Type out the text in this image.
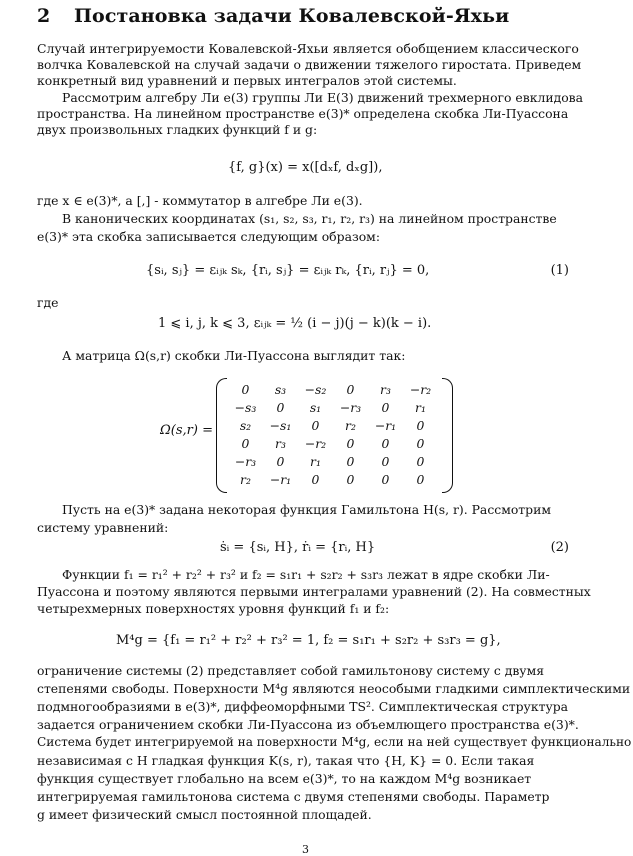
2 Постановка задачи Ковалевской-Яхьи
Случай интегрируемости Ковалевской-Яхьи является обобщением классического
волчка Ковалевской на случай задачи о движении тяжелого гиростата. Приведем
конкретный вид уравнений и первых интегралов этой системы.
Рассмотрим алгебру Ли e(3) группы Ли E(3) движений трехмерного евклидова
пространства. На линейном пространстве e(3)* определена скобка Ли-Пуассона
двух произвольных гладких функций f и g:
{f, g}(x) = x([dₓf, dₓg]),
где x ∈ e(3)*, а [,] - коммутатор в алгебре Ли e(3).
В канонических координатах (s₁, s₂, s₃, r₁, r₂, r₃) на линейном пространстве
e(3)* эта скобка записывается следующим образом:
{sᵢ, sⱼ} = εᵢⱼₖ sₖ, {rᵢ, sⱼ} = εᵢⱼₖ rₖ, {rᵢ, rⱼ} = 0,	(1)
где
1 ⩽ i, j, k ⩽ 3, εᵢⱼₖ = ½ (i − j)(j − k)(k − i).
А матрица Ω(s,r) скобки Ли-Пуассона выглядит так:
Ω(s,r) =
0	s₃	−s₂	0	r₃	−r₂
−s₃	0	s₁	−r₃	0	r₁
s₂	−s₁	0	r₂	−r₁	0
0	r₃	−r₂	0	0	0
−r₃	0	r₁	0	0	0
r₂	−r₁	0	0	0	0
Пусть на e(3)* задана некоторая функция Гамильтона H(s, r). Рассмотрим
систему уравнений:
ṡᵢ = {sᵢ, H}, ṙᵢ = {rᵢ, H}	(2)
Функции f₁ = r₁² + r₂² + r₃² и f₂ = s₁r₁ + s₂r₂ + s₃r₃ лежат в ядре скобки Ли-
Пуассона и поэтому являются первыми интегралами уравнений (2). На совместных
четырехмерных поверхностях уровня функций f₁ и f₂:
M⁴g = {f₁ = r₁² + r₂² + r₃² = 1, f₂ = s₁r₁ + s₂r₂ + s₃r₃ = g},
ограничение системы (2) представляет собой гамильтонову систему с двумя
степенями свободы. Поверхности M⁴g являются неособыми гладкими симплектическими
подмногообразиями в e(3)*, диффеоморфными TS². Симплектическая структура
задается ограничением скобки Ли-Пуассона из объемлющего пространства e(3)*.
Система будет интегрируемой на поверхности M⁴g, если на ней существует функционально
независимая с H гладкая функция K(s, r), такая что {H, K} = 0. Если такая
функция существует глобально на всем e(3)*, то на каждом M⁴g возникает
интегрируемая гамильтонова система с двумя степенями свободы. Параметр
g имеет физический смысл постоянной площадей.
3
